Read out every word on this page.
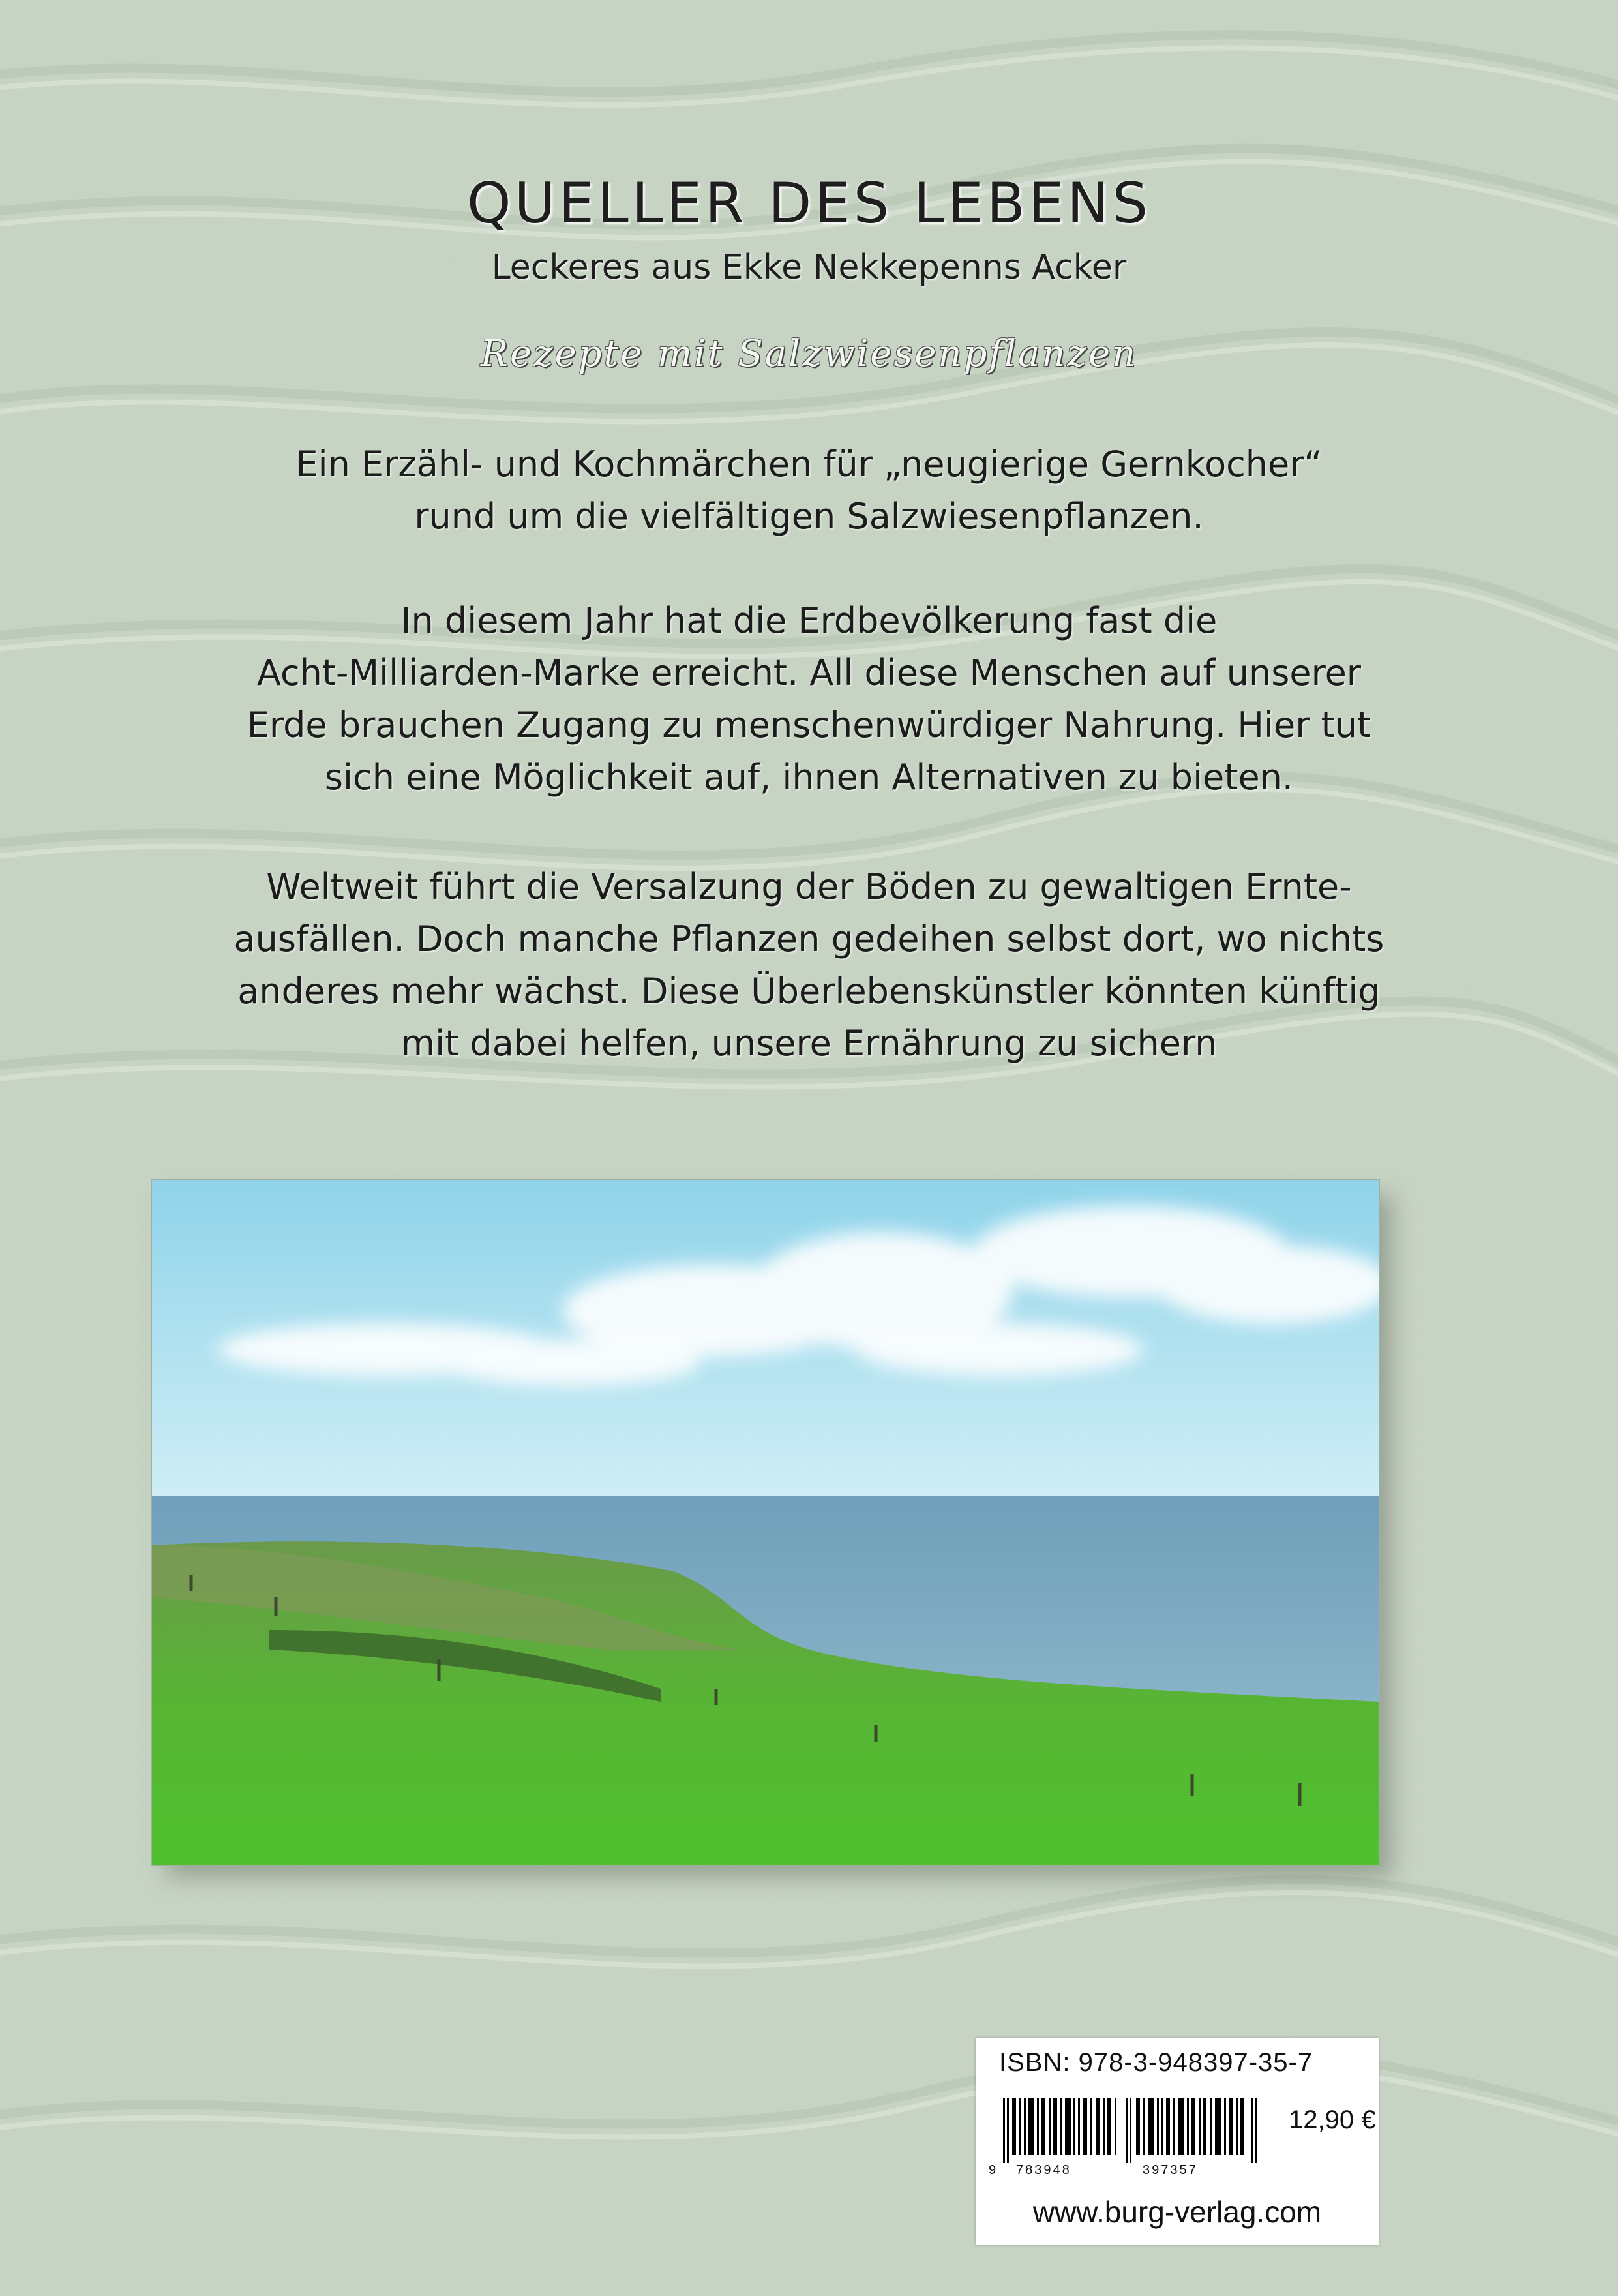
QUELLER DES LEBENS
Leckeres aus Ekke Nekkepenns Acker
Rezepte mit Salzwiesenpflanzen
Ein Erzähl- und Kochmärchen für „neugierige Gernkocher“
rund um die vielfältigen Salzwiesenpflanzen.
In diesem Jahr hat die Erdbevölkerung fast die
Acht-Milliarden-Marke erreicht. All diese Menschen auf unserer
Erde brauchen Zugang zu menschenwürdiger Nahrung. Hier tut
sich eine Möglichkeit auf, ihnen Alternativen zu bieten.
Weltweit führt die Versalzung der Böden zu gewaltigen Ernte-
ausfällen. Doch manche Pflanzen gedeihen selbst dort, wo nichts
anderes mehr wächst. Diese Überlebenskünstler könnten künftig
mit dabei helfen, unsere Ernährung zu sichern
ISBN: 978-3-948397-35-7
12,90 €
9 783948	397357
www.burg-verlag.com
